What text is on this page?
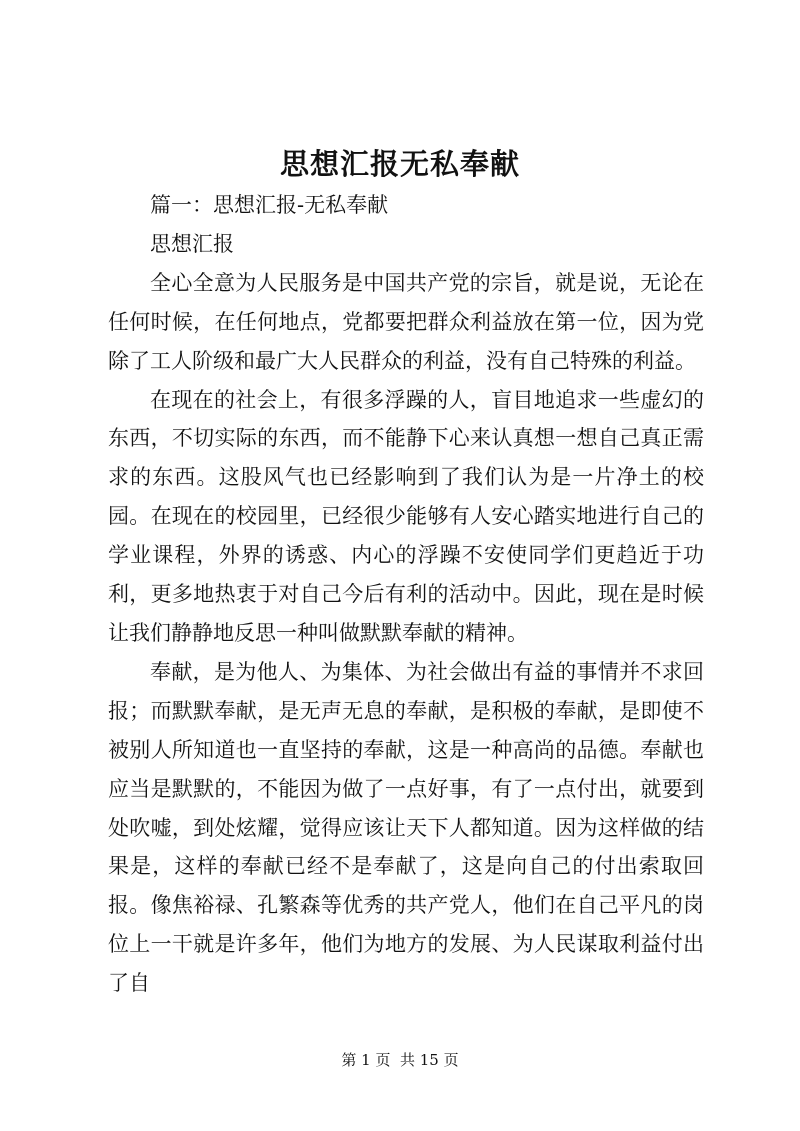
思想汇报无私奉献

篇一：思想汇报-无私奉献

思想汇报

全心全意为人民服务是中国共产党的宗旨，就是说，无论在任何时候，在任何地点，党都要把群众利益放在第一位，因为党除了工人阶级和最广大人民群众的利益，没有自己特殊的利益。

在现在的社会上，有很多浮躁的人，盲目地追求一些虚幻的东西，不切实际的东西，而不能静下心来认真想一想自己真正需求的东西。这股风气也已经影响到了我们认为是一片净土的校园。在现在的校园里，已经很少能够有人安心踏实地进行自己的学业课程，外界的诱惑、内心的浮躁不安使同学们更趋近于功利，更多地热衷于对自己今后有利的活动中。因此，现在是时候让我们静静地反思一种叫做默默奉献的精神。

奉献，是为他人、为集体、为社会做出有益的事情并不求回报；而默默奉献，是无声无息的奉献，是积极的奉献，是即使不被别人所知道也一直坚持的奉献，这是一种高尚的品德。奉献也应当是默默的，不能因为做了一点好事，有了一点付出，就要到处吹嘘，到处炫耀，觉得应该让天下人都知道。因为这样做的结果是，这样的奉献已经不是奉献了，这是向自己的付出索取回报。像焦裕禄、孔繁森等优秀的共产党人，他们在自己平凡的岗位上一干就是许多年，他们为地方的发展、为人民谋取利益付出了自

第 1 页  共 15 页
